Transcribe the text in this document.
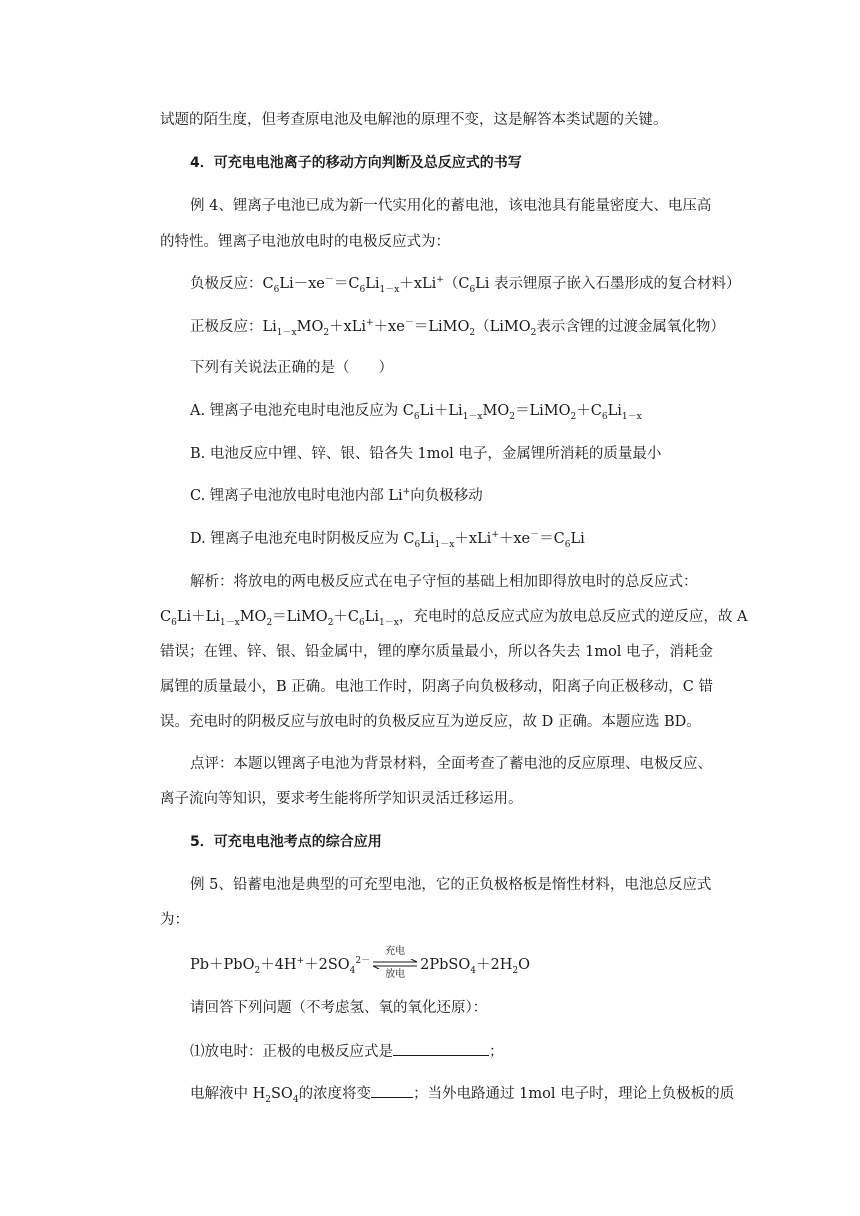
试题的陌生度，但考查原电池及电解池的原理不变，这是解答本类试题的关键。
4．可充电电池离子的移动方向判断及总反应式的书写
例 4、锂离子电池已成为新一代实用化的蓄电池，该电池具有能量密度大、电压高
的特性。锂离子电池放电时的电极反应式为：
负极反应：$C_6Li-xe^-=C_6Li_{1-x}+xLi^+(C_6Li$ 表示锂原子嵌入石墨形成的复合材料）
正极反应：$Li_{1-x}MO_2+xLi^++xe^-=LiMO_2(LiMO_2$表示含锂的过渡金属氧化物）
下列有关说法正确的是（　　）
A. 锂离子电池充电时电池反应为 $C_6Li+Li_{1-x}MO_2=LiMO_2+C_6Li_{1-x}$
B. 电池反应中锂、锌、银、铅各失 1mol 电子，金属锂所消耗的质量最小
C. 锂离子电池放电时电池内部 Li+向负极移动
D. 锂离子电池充电时阴极反应为 $C_6Li_{1-x}+xLi^++xe^-=C_6Li$
解析：将放电的两电极反应式在电子守恒的基础上相加即得放电时的总反应式：
$C_6Li+Li_{1-x}MO_2=LiMO_2+C_6Li_{1-x}$，充电时的总反应式应为放电总反应式的逆反应，故 A
错误；在锂、锌、银、铅金属中，锂的摩尔质量最小，所以各失去 1mol 电子，消耗金
属锂的质量最小，B 正确。电池工作时，阴离子向负极移动，阳离子向正极移动，C 错
误。充电时的阴极反应与放电时的负极反应互为逆反应，故 D 正确。本题应选 BD。
点评：本题以锂离子电池为背景材料，全面考查了蓄电池的反应原理、电极反应、
离子流向等知识，要求考生能将所学知识灵活迁移运用。
5．可充电电池考点的综合应用
例 5、铅蓄电池是典型的可充型电池，它的正负极格板是惰性材料，电池总反应式
为：
$Pb+PbO_2+4H^++2SO_4^{2-}$
充电
放电
$2PbSO_4+2H_2O$
请回答下列问题（不考虑氢、氧的氧化还原）：
⑴放电时：正极的电极反应式是	；
电解液中 $H_2SO_4$的浓度将变	；当外电路通过 1mol 电子时，理论上负极板的质
